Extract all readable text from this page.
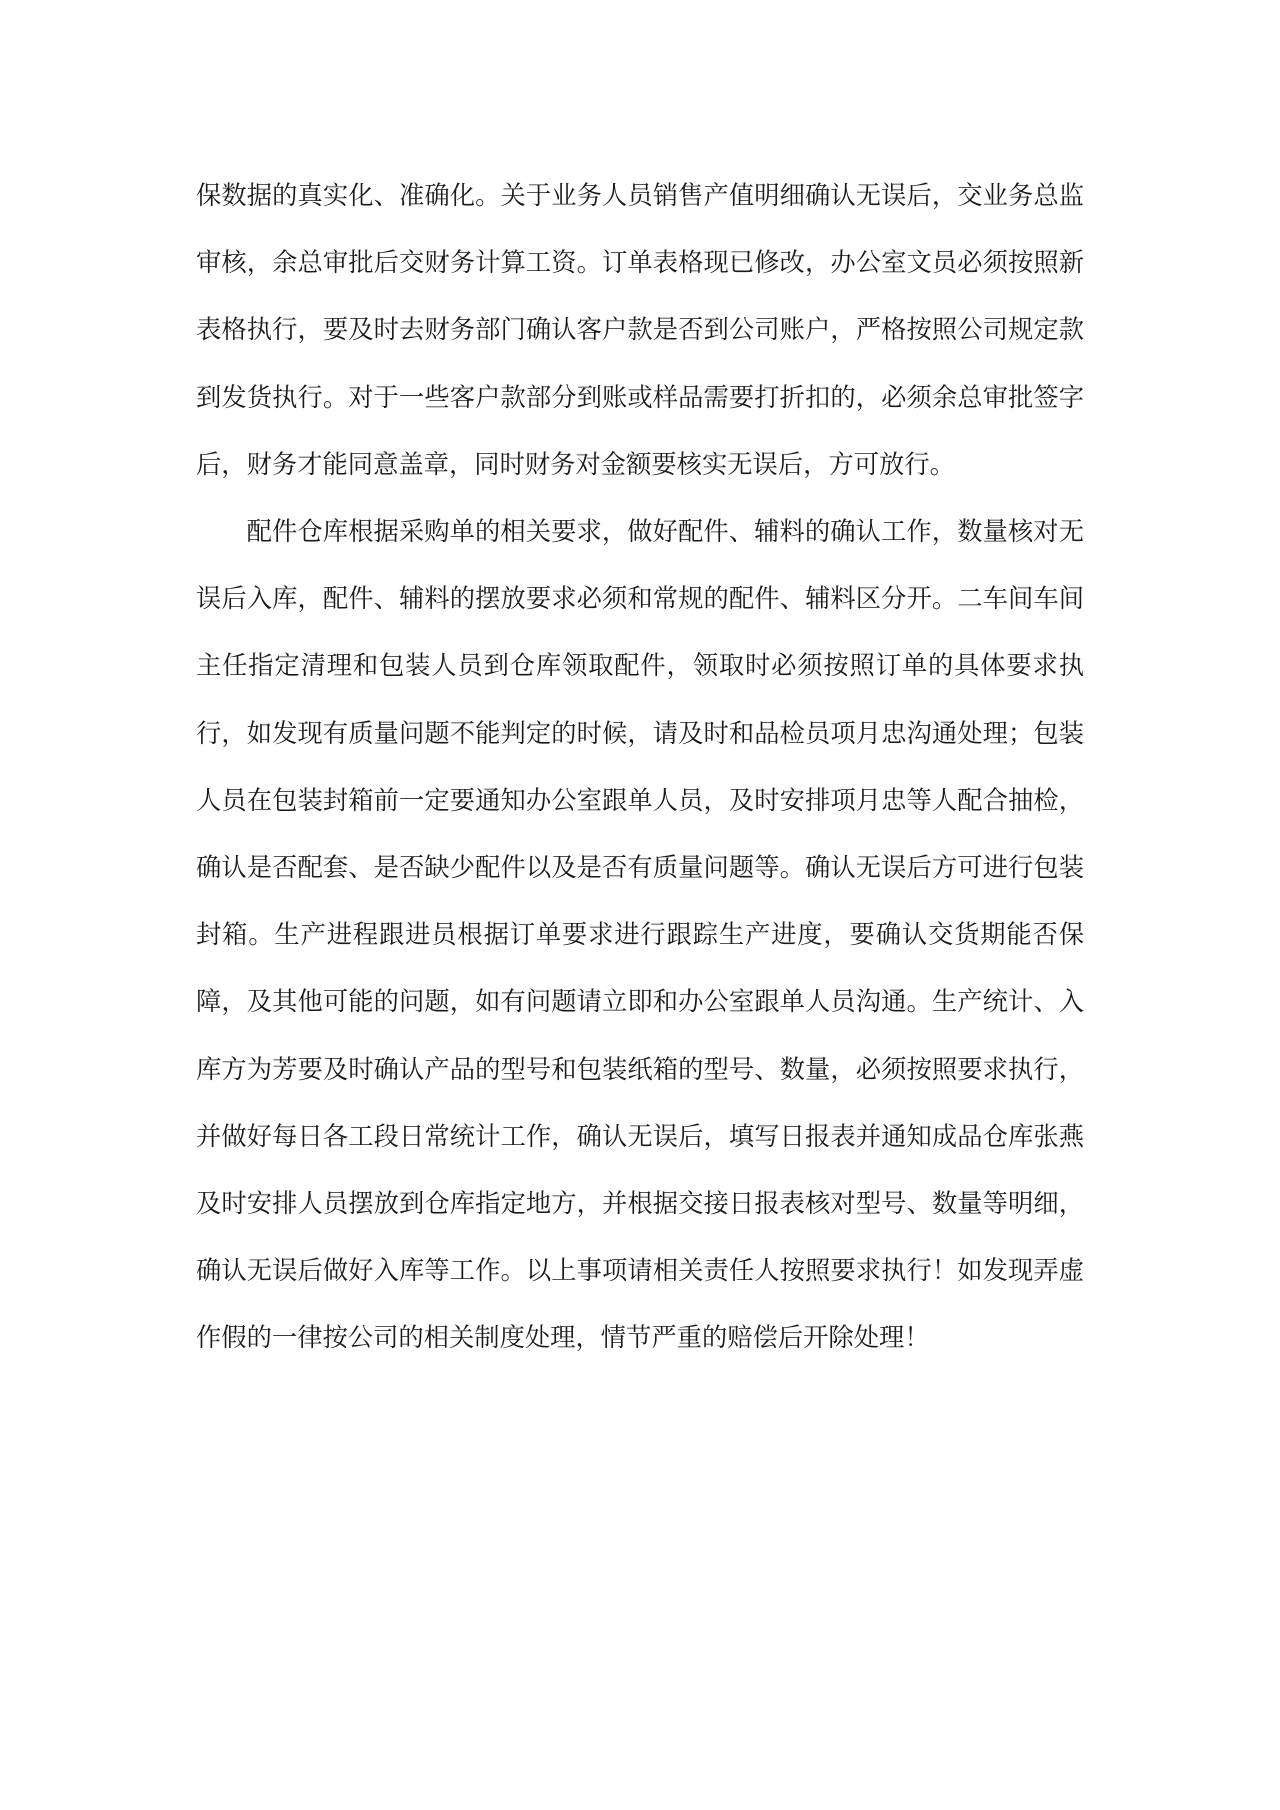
保数据的真实化、准确化。关于业务人员销售产值明细确认无误后，交业务总监审核，余总审批后交财务计算工资。订单表格现已修改，办公室文员必须按照新表格执行，要及时去财务部门确认客户款是否到公司账户，严格按照公司规定款到发货执行。对于一些客户款部分到账或样品需要打折扣的，必须余总审批签字后，财务才能同意盖章，同时财务对金额要核实无误后，方可放行。

配件仓库根据采购单的相关要求，做好配件、辅料的确认工作，数量核对无误后入库，配件、辅料的摆放要求必须和常规的配件、辅料区分开。二车间车间主任指定清理和包装人员到仓库领取配件，领取时必须按照订单的具体要求执行，如发现有质量问题不能判定的时候，请及时和品检员项月忠沟通处理；包装人员在包装封箱前一定要通知办公室跟单人员，及时安排项月忠等人配合抽检，确认是否配套、是否缺少配件以及是否有质量问题等。确认无误后方可进行包装封箱。生产进程跟进员根据订单要求进行跟踪生产进度，要确认交货期能否保障，及其他可能的问题，如有问题请立即和办公室跟单人员沟通。生产统计、入库方为芳要及时确认产品的型号和包装纸箱的型号、数量，必须按照要求执行，并做好每日各工段日常统计工作，确认无误后，填写日报表并通知成品仓库张燕及时安排人员摆放到仓库指定地方，并根据交接日报表核对型号、数量等明细，确认无误后做好入库等工作。以上事项请相关责任人按照要求执行！如发现弄虚作假的一律按公司的相关制度处理，情节严重的赔偿后开除处理！
